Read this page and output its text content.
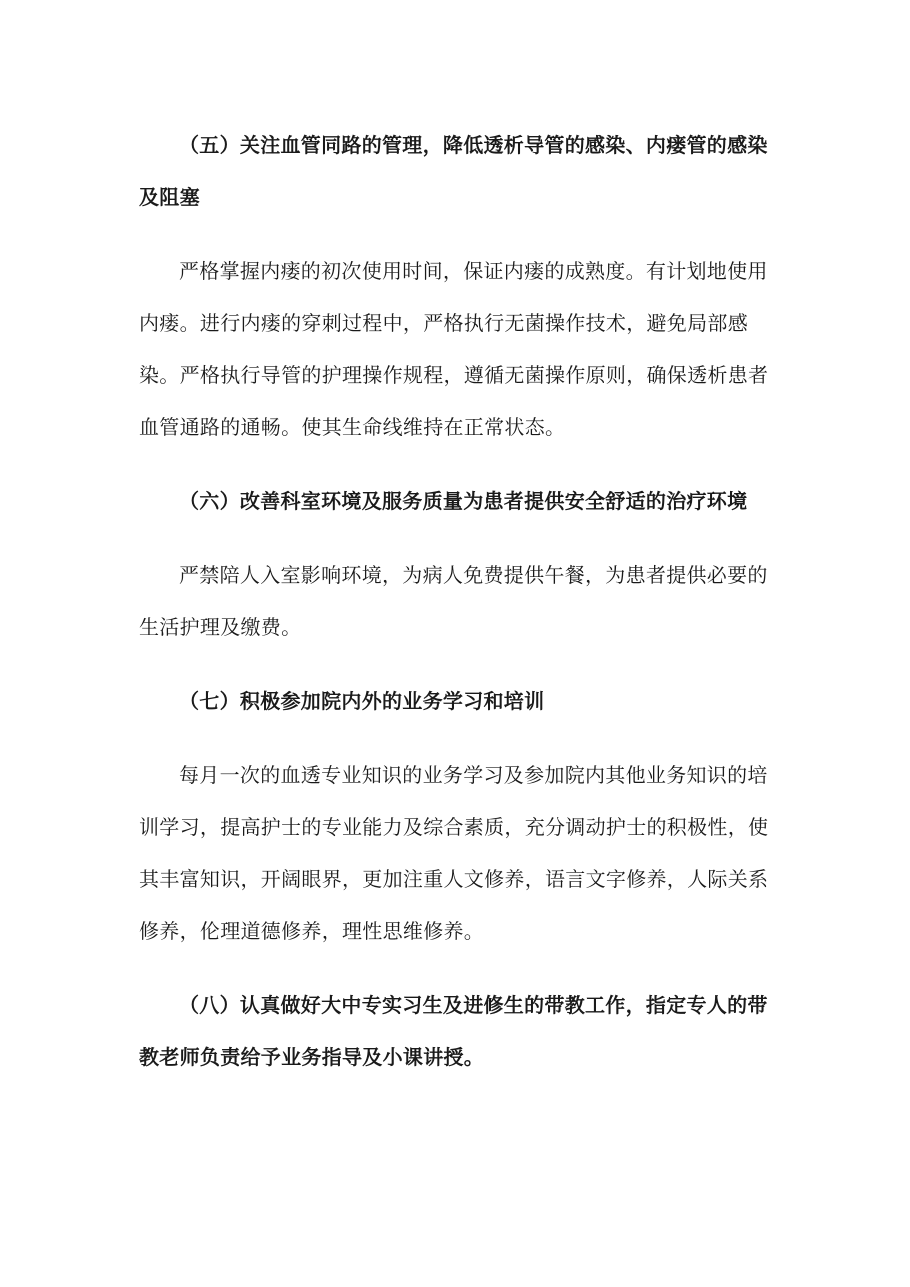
（五）关注血管同路的管理，降低透析导管的感染、内瘘管的感染及阻塞

严格掌握内瘘的初次使用时间，保证内瘘的成熟度。有计划地使用内瘘。进行内瘘的穿刺过程中，严格执行无菌操作技术，避免局部感染。严格执行导管的护理操作规程，遵循无菌操作原则，确保透析患者血管通路的通畅。使其生命线维持在正常状态。

（六）改善科室环境及服务质量为患者提供安全舒适的治疗环境

严禁陪人入室影响环境，为病人免费提供午餐，为患者提供必要的生活护理及缴费。

（七）积极参加院内外的业务学习和培训

每月一次的血透专业知识的业务学习及参加院内其他业务知识的培训学习，提高护士的专业能力及综合素质，充分调动护士的积极性，使其丰富知识，开阔眼界，更加注重人文修养，语言文字修养，人际关系修养，伦理道德修养，理性思维修养。

（八）认真做好大中专实习生及进修生的带教工作，指定专人的带教老师负责给予业务指导及小课讲授。
